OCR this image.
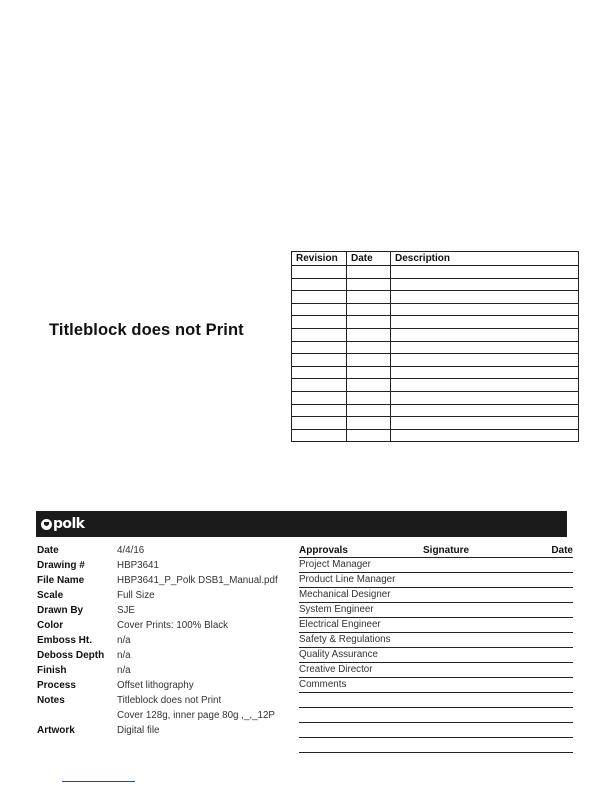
Titleblock does not Print
Revision	Date	Description

polk
Date	4/4/16
Drawing #	HBP3641
File Name	HBP3641_P_Polk DSB1_Manual.pdf
Scale	Full Size
Drawn By	SJE
Color	Cover Prints: 100% Black
Emboss Ht.	n/a
Deboss Depth	n/a
Finish	n/a
Process	Offset lithography
Notes	Titleblock does not Print
Cover 128g, inner page 80g ,_,_12P
Artwork	Digital file
Approvals	Signature	Date
Project Manager
Product Line Manager
Mechanical Designer
System Engineer
Electrical Engineer
Safety & Regulations
Quality Assurance
Creative Director
Comments
